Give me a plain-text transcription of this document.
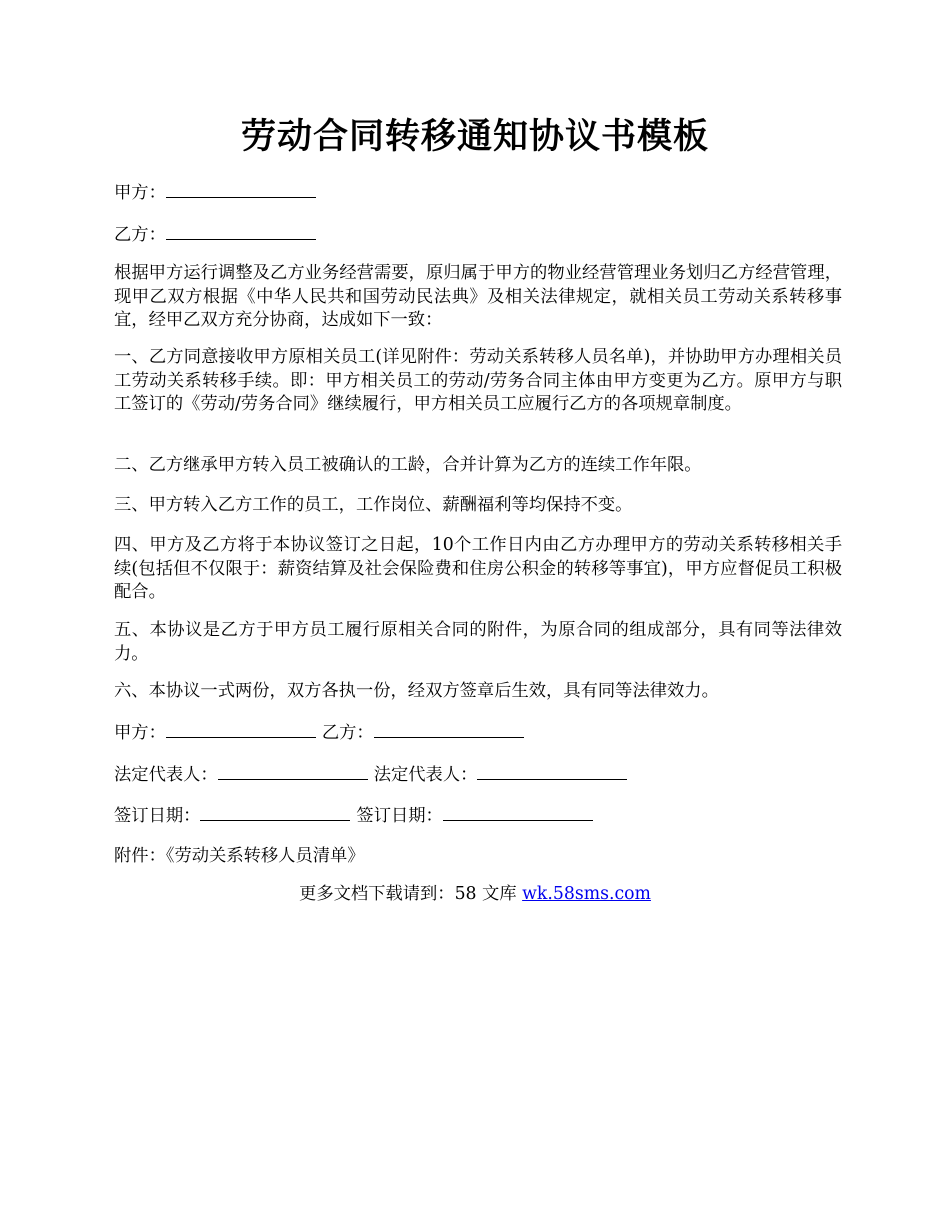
劳动合同转移通知协议书模板

甲方：

乙方：

根据甲方运行调整及乙方业务经营需要，原归属于甲方的物业经营管理业务划归乙方经营管理，现甲乙双方根据《中华人民共和国劳动民法典》及相关法律规定，就相关员工劳动关系转移事宜，经甲乙双方充分协商，达成如下一致：

一、乙方同意接收甲方原相关员工(详见附件：劳动关系转移人员名单)，并协助甲方办理相关员工劳动关系转移手续。即：甲方相关员工的劳动/劳务合同主体由甲方变更为乙方。原甲方与职工签订的《劳动/劳务合同》继续履行，甲方相关员工应履行乙方的各项规章制度。

二、乙方继承甲方转入员工被确认的工龄，合并计算为乙方的连续工作年限。

三、甲方转入乙方工作的员工，工作岗位、薪酬福利等均保持不变。

四、甲方及乙方将于本协议签订之日起，10个工作日内由乙方办理甲方的劳动关系转移相关手续(包括但不仅限于：薪资结算及社会保险费和住房公积金的转移等事宜)，甲方应督促员工积极配合。

五、本协议是乙方于甲方员工履行原相关合同的附件，为原合同的组成部分，具有同等法律效力。

六、本协议一式两份，双方各执一份，经双方签章后生效，具有同等法律效力。

甲方：	乙方：

法定代表人：	法定代表人：

签订日期：	签订日期：

附件：《劳动关系转移人员清单》

更多文档下载请到：58 文库 wk.58sms.com
